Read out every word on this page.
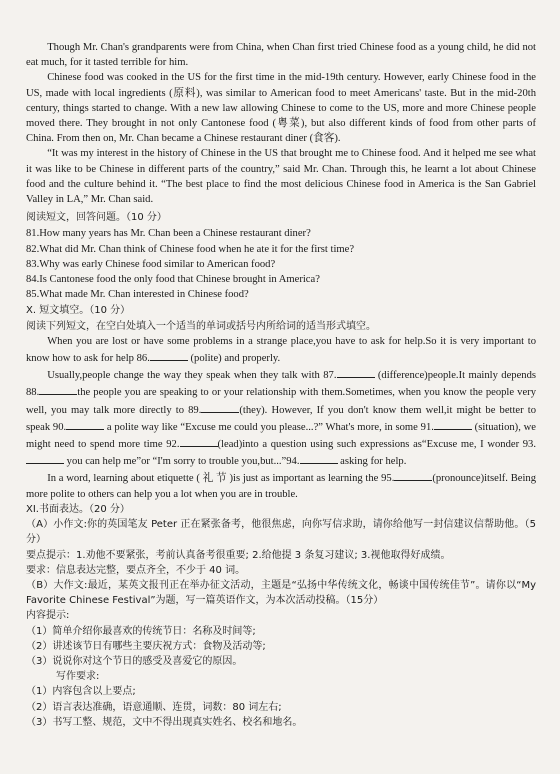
Though Mr. Chan's grandparents were from China, when Chan first tried Chinese food as a young child, he did not eat much, for it tasted terrible for him.

Chinese food was cooked in the US for the first time in the mid-19th century. However, early Chinese food in the US, made with local ingredients (原料), was similar to American food to meet Americans' taste. But in the mid-20th century, things started to change. With a new law allowing Chinese to come to the US, more and more Chinese people moved there. They brought in not only Cantonese food (粤菜), but also different kinds of food from other parts of China. From then on, Mr. Chan became a Chinese restaurant diner (食客).

“It was my interest in the history of Chinese in the US that brought me to Chinese food. And it helped me see what it was like to be Chinese in different parts of the country,” said Mr. Chan. Through this, he learnt a lot about Chinese food and the culture behind it. “The best place to find the most delicious Chinese food in America is the San Gabriel Valley in LA,” Mr. Chan said.

阅读短文，回答问题。（10 分）

81.How many years has Mr. Chan been a Chinese restaurant diner?

82.What did Mr. Chan think of Chinese food when he ate it for the first time?

83.Why was early Chinese food similar to American food?

84.Is Cantonese food the only food that Chinese brought in America?

85.What made Mr. Chan interested in Chinese food?

X. 短文填空。（10 分）

阅读下列短文，在空白处填入一个适当的单词或括号内所给词的适当形式填空。

When you are lost or have some problems in a strange place,you have to ask for help.So it is very important to know how to ask for help 86.	(polite) and properly.

Usually,people change the way they speak when they talk with 87.	(difference)people.It mainly depends 88.	the people you are speaking to or your relationship with them.Sometimes, when you know the people very well, you may talk more directly to 89.	(they). However, If you don't know them well,it might be better to speak 90.	a polite way like “Excuse me could you please...?” What's more, in some 91.	(situation), we might need to spend more time 92.	(lead)into a question using such expressions as“Excuse me, I wonder 93. you can help me”or “I'm sorry to trouble you,but...”94.	asking for help.

In a word, learning about etiquette ( 礼 节 )is just as important as learning the 95.	(pronounce)itself. Being more polite to others can help you a lot when you are in trouble.

XI.书面表达。（20 分）

（A）小作文:你的英国笔友 Peter 正在紧张备考，他很焦虑，向你写信求助，请你给他写一封信建议信帮助他。（5分）

要点提示：1.劝他不要紧张，考前认真备考很重要; 2.给他提 3 条复习建议; 3.视他取得好成绩。

要求：信息表达完整，要点齐全，不少于 40 词。

（B）大作文:最近，某英文报刊正在举办征文活动，主题是“弘扬中华传统文化，畅谈中国传统佳节”。请你以“My Favorite Chinese Festival”为题，写一篇英语作文，为本次活动投稿。（15分）

内容提示:

（1）简单介绍你最喜欢的传统节日：名称及时间等;

（2）讲述该节日有哪些主要庆祝方式：食物及活动等;

（3）说说你对这个节日的感受及喜爱它的原因。

写作要求:

（1）内容包含以上要点;

（2）语言表达准确，语意通顺、连贯，词数：80 词左右;

（3）书写工整、规范，文中不得出现真实姓名、校名和地名。
